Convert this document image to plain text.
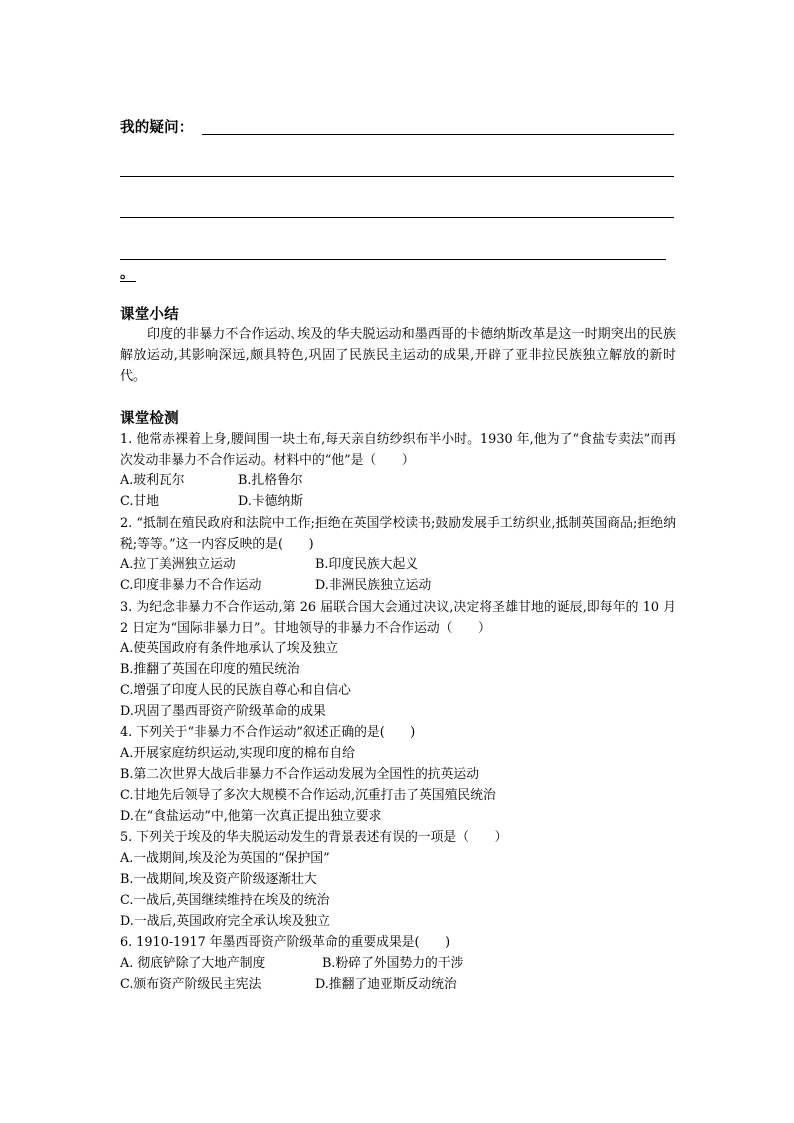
我的疑问：
。
课堂小结
印度的非暴力不合作运动､埃及的华夫脱运动和墨西哥的卡德纳斯改革是这一时期突出的民族解放运动,其影响深远,颇具特色,巩固了民族民主运动的成果,开辟了亚非拉民族独立解放的新时代。
课堂检测
1. 他常赤裸着上身,腰间围一块土布,每天亲自纺纱织布半小时。1930 年,他为了“食盐专卖法”而再次发动非暴力不合作运动。材料中的“他”是（　　）
A.玻利瓦尔	B.扎格鲁尔
C.甘地	D.卡德纳斯
2. “抵制在殖民政府和法院中工作;拒绝在英国学校读书;鼓励发展手工纺织业,抵制英国商品;拒绝纳税;等等。”这一内容反映的是(　　)
A.拉丁美洲独立运动	B.印度民族大起义
C.印度非暴力不合作运动	D.非洲民族独立运动
3. 为纪念非暴力不合作运动,第 26 届联合国大会通过决议,决定将圣雄甘地的诞辰,即每年的 10 月 2 日定为“国际非暴力日”。甘地领导的非暴力不合作运动（　　）
A.使英国政府有条件地承认了埃及独立
B.推翻了英国在印度的殖民统治
C.增强了印度人民的民族自尊心和自信心
D.巩固了墨西哥资产阶级革命的成果
4. 下列关于“非暴力不合作运动”叙述正确的是(　　)
A.开展家庭纺织运动,实现印度的棉布自给
B.第二次世界大战后非暴力不合作运动发展为全国性的抗英运动
C.甘地先后领导了多次大规模不合作运动,沉重打击了英国殖民统治
D.在“食盐运动”中,他第一次真正提出独立要求
5. 下列关于埃及的华夫脱运动发生的背景表述有误的一项是（　　）
A.一战期间,埃及沦为英国的“保护国”
B.一战期间,埃及资产阶级逐渐壮大
C.一战后,英国继续维持在埃及的统治
D.一战后,英国政府完全承认埃及独立
6. 1910-1917 年墨西哥资产阶级革命的重要成果是(　　)
A. 彻底铲除了大地产制度	B.粉碎了外国势力的干涉
C.颁布资产阶级民主宪法	D.推翻了迪亚斯反动统治
